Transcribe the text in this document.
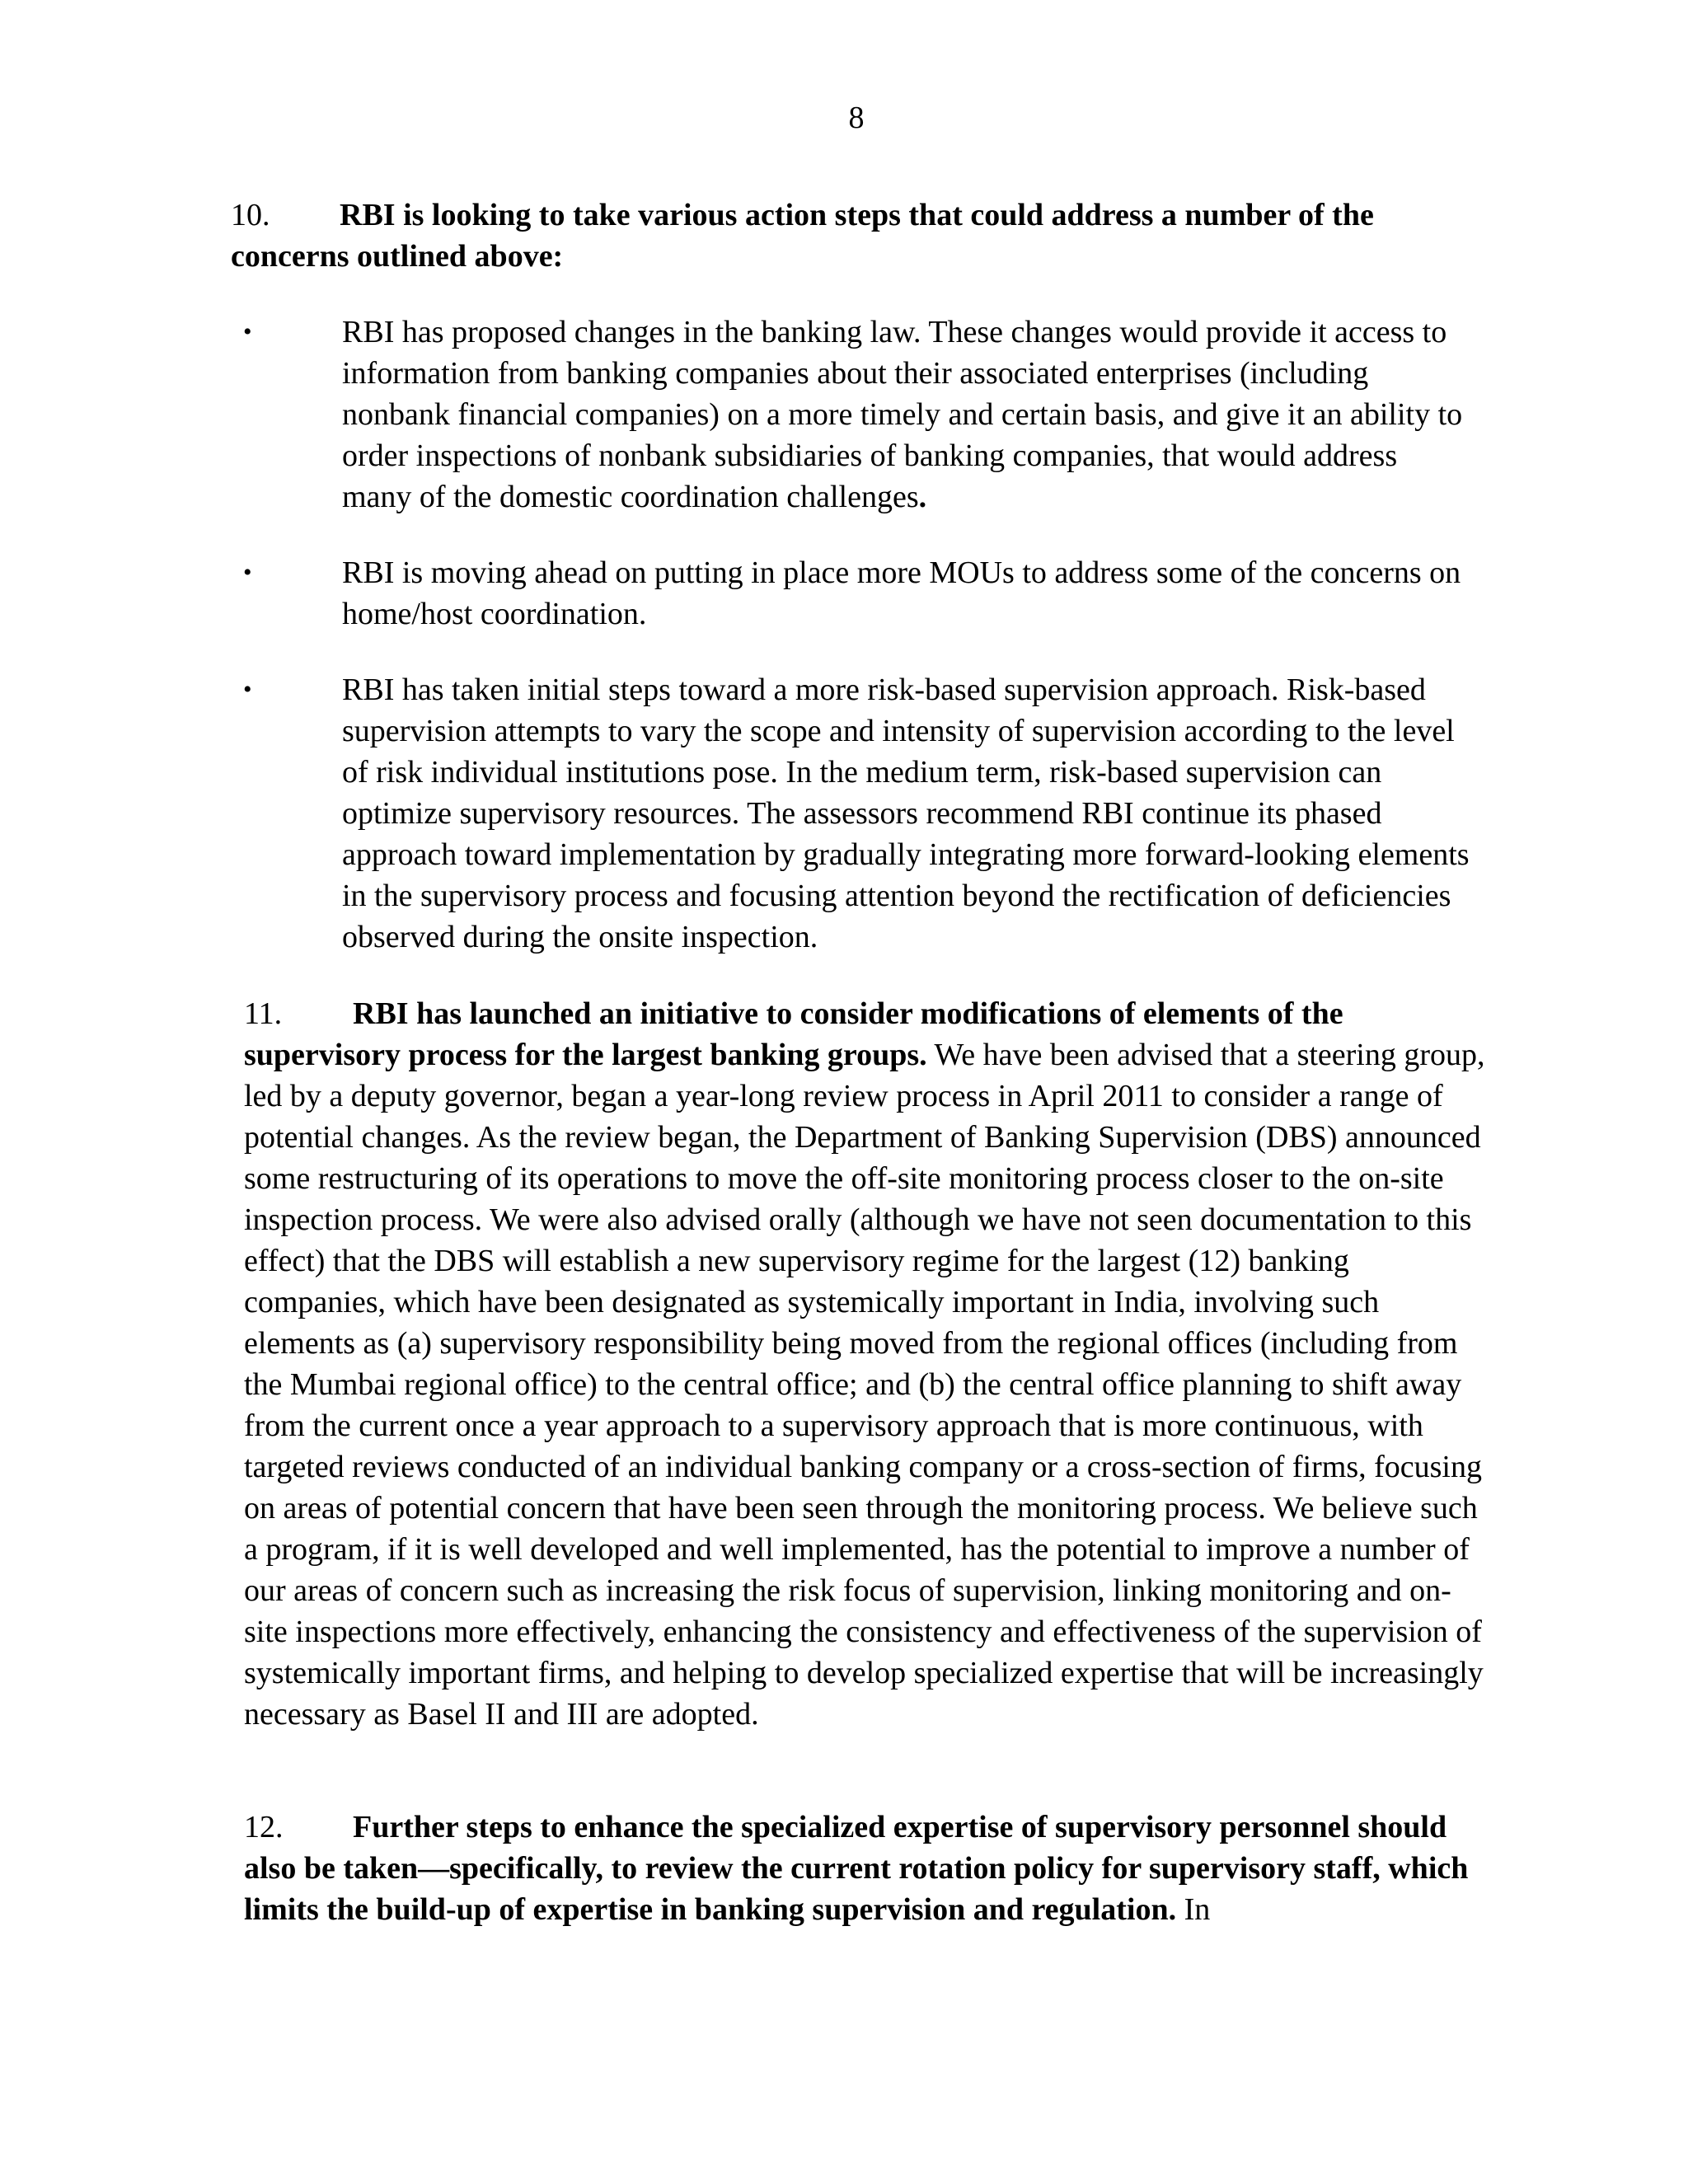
8

10. RBI is looking to take various action steps that could address a number of the concerns outlined above:

•	RBI has proposed changes in the banking law. These changes would provide it access to information from banking companies about their associated enterprises (including nonbank financial companies) on a more timely and certain basis, and give it an ability to order inspections of nonbank subsidiaries of banking companies, that would address many of the domestic coordination challenges.
•	RBI is moving ahead on putting in place more MOUs to address some of the concerns on home/host coordination.
•	RBI has taken initial steps toward a more risk-based supervision approach. Risk-based supervision attempts to vary the scope and intensity of supervision according to the level of risk individual institutions pose. In the medium term, risk-based supervision can optimize supervisory resources. The assessors recommend RBI continue its phased approach toward implementation by gradually integrating more forward-looking elements in the supervisory process and focusing attention beyond the rectification of deficiencies observed during the onsite inspection.

11. RBI has launched an initiative to consider modifications of elements of the supervisory process for the largest banking groups. We have been advised that a steering group, led by a deputy governor, began a year-long review process in April 2011 to consider a range of potential changes. As the review began, the Department of Banking Supervision (DBS) announced some restructuring of its operations to move the off-site monitoring process closer to the on-site inspection process. We were also advised orally (although we have not seen documentation to this effect) that the DBS will establish a new supervisory regime for the largest (12) banking companies, which have been designated as systemically important in India, involving such elements as (a) supervisory responsibility being moved from the regional offices (including from the Mumbai regional office) to the central office; and (b) the central office planning to shift away from the current once a year approach to a supervisory approach that is more continuous, with targeted reviews conducted of an individual banking company or a cross-section of firms, focusing on areas of potential concern that have been seen through the monitoring process. We believe such a program, if it is well developed and well implemented, has the potential to improve a number of our areas of concern such as increasing the risk focus of supervision, linking monitoring and on-site inspections more effectively, enhancing the consistency and effectiveness of the supervision of systemically important firms, and helping to develop specialized expertise that will be increasingly necessary as Basel II and III are adopted.

12. Further steps to enhance the specialized expertise of supervisory personnel should also be taken—specifically, to review the current rotation policy for supervisory staff, which limits the build-up of expertise in banking supervision and regulation. In
